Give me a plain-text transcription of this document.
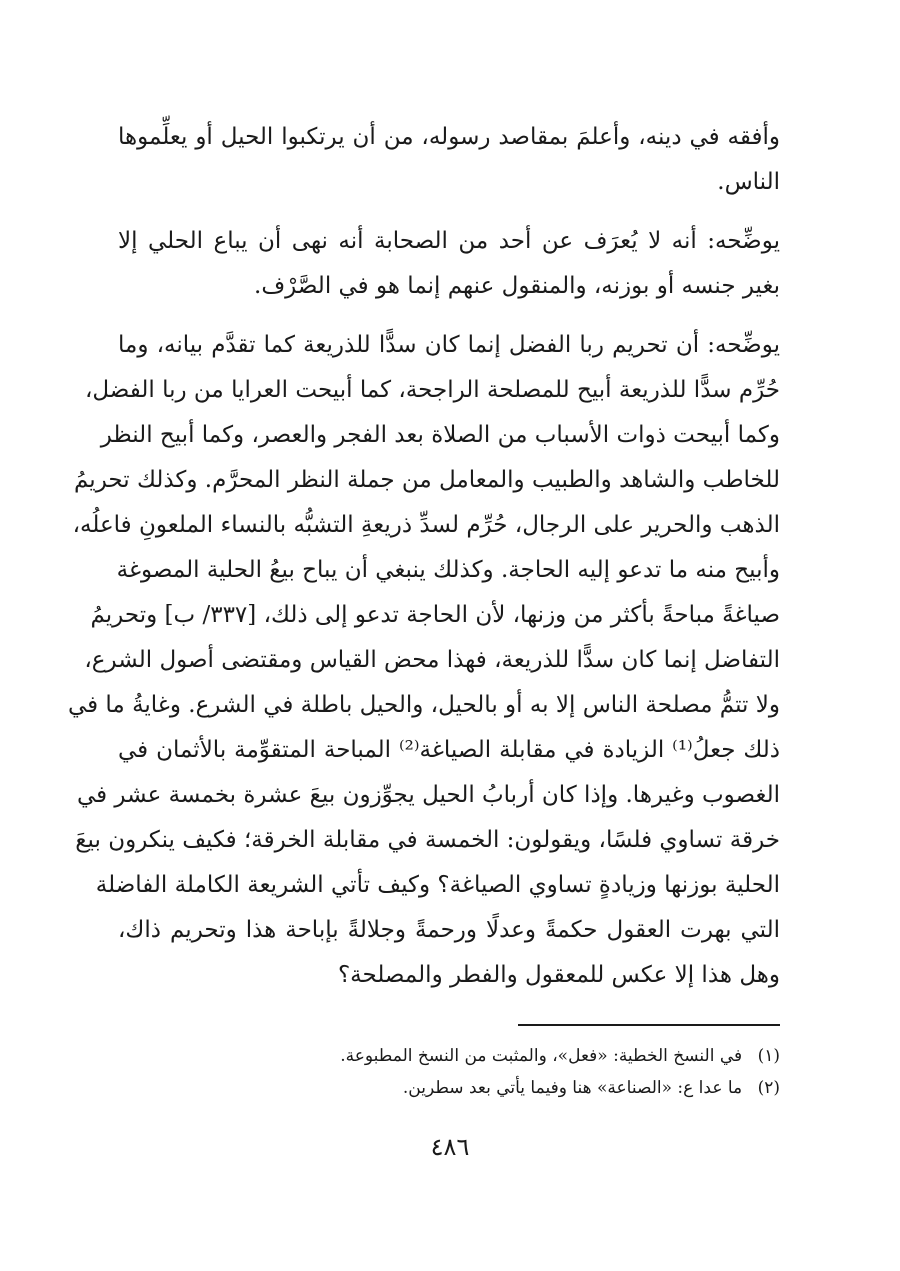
وأفقه في دينه، وأعلمَ بمقاصد رسوله، من أن يرتكبوا الحيل أو يعلِّموها
الناس.

يوضِّحه: أنه لا يُعرَف عن أحد من الصحابة أنه نهى أن يباع الحلي إلا
بغير جنسه أو بوزنه، والمنقول عنهم إنما هو في الصَّرْف.

يوضِّحه: أن تحريم ربا الفضل إنما كان سدًّا للذريعة كما تقدَّم بيانه، وما
حُرِّم سدًّا للذريعة أبيح للمصلحة الراجحة، كما أبيحت العرايا من ربا الفضل،
وكما أبيحت ذوات الأسباب من الصلاة بعد الفجر والعصر، وكما أبيح النظر
للخاطب والشاهد والطبيب والمعامل من جملة النظر المحرَّم. وكذلك تحريمُ
الذهب والحرير على الرجال، حُرِّم لسدِّ ذريعةِ التشبُّه بالنساء الملعونِ فاعلُه،
وأبيح منه ما تدعو إليه الحاجة. وكذلك ينبغي أن يباح بيعُ الحلية المصوغة
صياغةً مباحةً بأكثر من وزنها، لأن الحاجة تدعو إلى ذلك، [٣٣٧/ ب] وتحريمُ
التفاضل إنما كان سدًّا للذريعة، فهذا محض القياس ومقتضى أصول الشرع،
ولا تتمُّ مصلحة الناس إلا به أو بالحيل، والحيل باطلة في الشرع. وغايةُ ما في
ذلك جعلُ⁽¹⁾ الزيادة في مقابلة الصياغة⁽²⁾ المباحة المتقوِّمة بالأثمان في
الغصوب وغيرها. وإذا كان أربابُ الحيل يجوِّزون بيعَ عشرة بخمسة عشر في
خرقة تساوي فلسًا، ويقولون: الخمسة في مقابلة الخرقة؛ فكيف ينكرون بيعَ
الحلية بوزنها وزيادةٍ تساوي الصياغة؟ وكيف تأتي الشريعة الكاملة الفاضلة
التي بهرت العقول حكمةً وعدلًا ورحمةً وجلالةً بإباحة هذا وتحريم ذاك،
وهل هذا إلا عكس للمعقول والفطر والمصلحة؟

(١) في النسخ الخطية: «فعل»، والمثبت من النسخ المطبوعة.
(٢) ما عدا ع: «الصناعة» هنا وفيما يأتي بعد سطرين.
٤٨٦
